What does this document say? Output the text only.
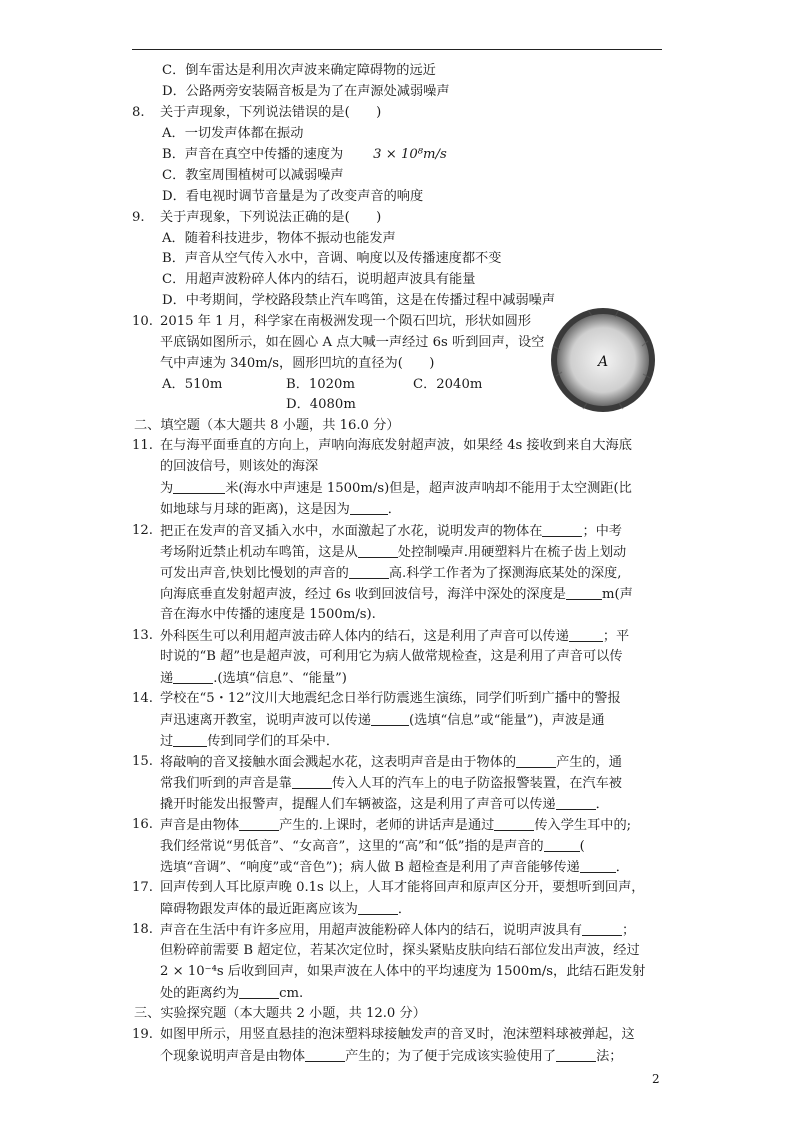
C．倒车雷达是利用次声波来确定障碍物的远近
D．公路两旁安装隔音板是为了在声源处减弱噪声
8. 关于声现象，下列说法错误的是(　　)
A．一切发声体都在振动
B．声音在真空中传播的速度为 3 × 10⁸m/s
C．教室周围植树可以减弱噪声
D．看电视时调节音量是为了改变声音的响度
9. 关于声现象，下列说法正确的是(　　)
A．随着科技进步，物体不振动也能发声
B．声音从空气传入水中，音调、响度以及传播速度都不变
C．用超声波粉碎人体内的结石，说明超声波具有能量
D．中考期间，学校路段禁止汽车鸣笛，这是在传播过程中减弱噪声
10. 2015 年 1 月，科学家在南极洲发现一个陨石凹坑，形状如圆形
平底锅如图所示，如在圆心 A 点大喊一声经过 6s 听到回声，设空
气中声速为 340m/s，圆形凹坑的直径为(　　)
A．510m	B．1020m	C．2040m
D．4080m
A
二、填空题（本大题共 8 小题，共 16.0 分）
11. 在与海平面垂直的方向上，声呐向海底发射超声波，如果经 4s 接收到来自大海底
的回波信号，则该处的海深
为	米(海水中声速是 1500m/s)但是，超声波声呐却不能用于太空测距(比
如地球与月球的距离)，这是因为	．
12. 把正在发声的音叉插入水中，水面激起了水花，说明发声的物体在	；中考
考场附近禁止机动车鸣笛，这是从	处控制噪声.用硬塑料片在梳子齿上划动
可发出声音,快划比慢划的声音的	高.科学工作者为了探测海底某处的深度,
向海底垂直发射超声波，经过 6s 收到回波信号，海洋中深处的深度是	m(声
音在海水中传播的速度是 1500m/s).
13. 外科医生可以利用超声波击碎人体内的结石，这是利用了声音可以传递	；平
时说的“B 超”也是超声波，可利用它为病人做常规检查，这是利用了声音可以传
递	.(选填“信息”、“能量”)
14. 学校在“5・12”汶川大地震纪念日举行防震逃生演练，同学们听到广播中的警报
声迅速离开教室，说明声波可以传递	(选填“信息”或“能量”)，声波是通
过	传到同学们的耳朵中．
15. 将敲响的音叉接触水面会溅起水花，这表明声音是由于物体的	产生的，通
常我们听到的声音是靠	传入人耳的汽车上的电子防盗报警装置，在汽车被
撬开时能发出报警声，提醒人们车辆被盗，这是利用了声音可以传递	．
16. 声音是由物体	产生的.上课时，老师的讲话声是通过	传入学生耳中的;
我们经常说“男低音”、“女高音”，这里的“高”和“低”指的是声音的	(
选填“音调”、“响度”或“音色”)；病人做 B 超检查是利用了声音能够传递	．
17. 回声传到人耳比原声晚 0.1s 以上，人耳才能将回声和原声区分开，要想听到回声，
障碍物跟发声体的最近距离应该为	．
18. 声音在生活中有许多应用，用超声波能粉碎人体内的结石，说明声波具有	；
但粉碎前需要 B 超定位，若某次定位时，探头紧贴皮肤向结石部位发出声波，经过
2 × 10⁻⁴s 后收到回声，如果声波在人体中的平均速度为 1500m/s，此结石距发射
处的距离约为	cm.
三、实验探究题（本大题共 2 小题，共 12.0 分）
19. 如图甲所示，用竖直悬挂的泡沫塑料球接触发声的音叉时，泡沫塑料球被弹起，这
个现象说明声音是由物体	产生的；为了便于完成该实验使用了	法；
2
